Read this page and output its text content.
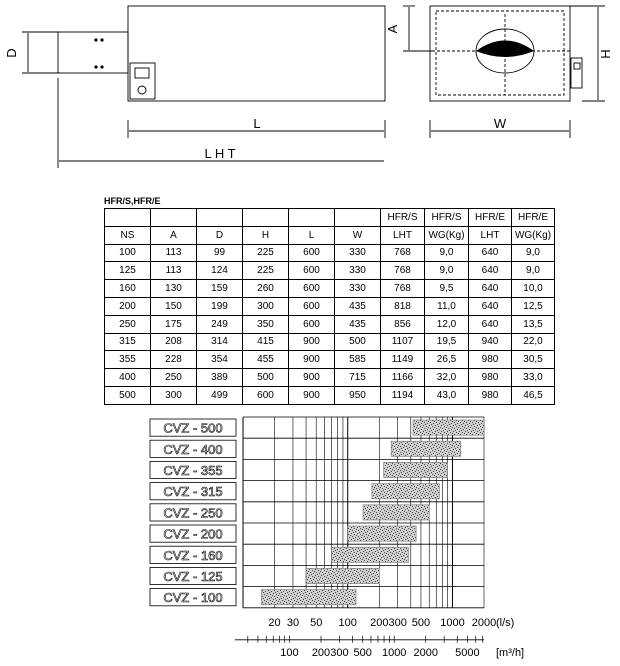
D
A
H
L	W
L H T
HFR/S,HFR/E
						HFR/S	HFR/S	HFR/E	HFR/E
NS	A	D	H	L	W	LHT	WG(Kg)	LHT	WG(Kg)
100	113	99	225	600	330	768	9,0	640	9,0
125	113	124	225	600	330	768	9,0	640	9,0
160	130	159	260	600	330	768	9,5	640	10,0
200	150	199	300	600	435	818	11,0	640	12,5
250	175	249	350	600	435	856	12,0	640	13,5
315	208	314	415	900	500	1107	19,5	940	22,0
355	228	354	455	900	585	1149	26,5	980	30,5
400	250	389	500	900	715	1166	32,0	980	33,0
500	300	499	600	900	950	1194	43,0	980	46,5
CVZ - 500
CVZ - 400
CVZ - 355
CVZ - 315
CVZ - 250
CVZ - 200
CVZ - 160
CVZ - 125
CVZ - 100
20 30 50 100 200 300 500 1000 2000 (l/s)
100 200 300 500 1000 2000 5000 [m³/h]
